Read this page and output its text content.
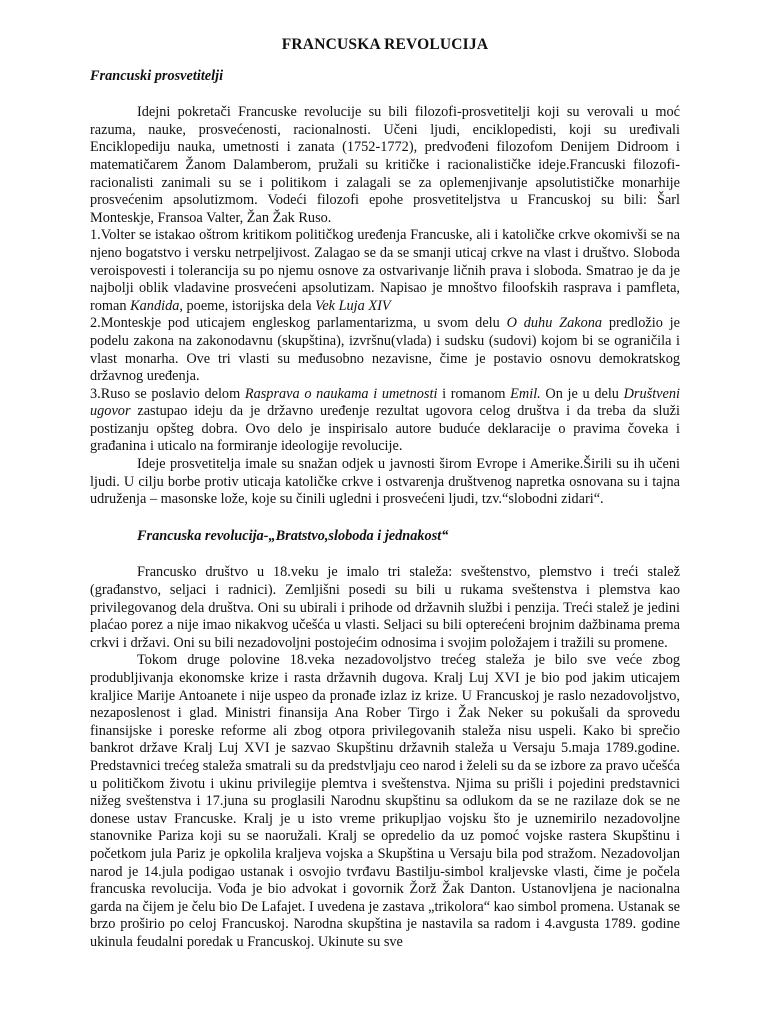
FRANCUSKA REVOLUCIJA
Francuski prosvetitelji

Idejni pokretači Francuske revolucije su bili filozofi-prosvetitelji koji su verovali u moć razuma, nauke, prosvećenosti, racionalnosti. Učeni ljudi, enciklopedisti, koji su uređivali Enciklopediju nauka, umetnosti i zanata (1752-1772), predvođeni filozofom Denijem Didroom i matematičarem Žanom Dalamberom, pružali su kritičke i racionalističke ideje.Francuski filozofi-racionalisti zanimali su se i politikom i zalagali se za oplemenjivanje apsolutističke monarhije prosvećenim apsolutizmom. Vodeći filozofi epohe prosvetiteljstva u Francuskoj su bili: Šarl Monteskje, Fransoa Valter, Žan Žak Ruso.

1.Volter se istakao oštrom kritikom političkog uređenja Francuske, ali i katoličke crkve okomivši se na njeno bogatstvo i versku netrpeljivost. Zalagao se da se smanji uticaj crkve na vlast i društvo. Sloboda veroispovesti i tolerancija su po njemu osnove za ostvarivanje ličnih prava i sloboda. Smatrao je da je najbolji oblik vladavine prosvećeni apsolutizam. Napisao je mnoštvo filoofskih rasprava i pamfleta, roman Kandida, poeme, istorijska dela Vek Luja XIV

2.Monteskje pod uticajem engleskog parlamentarizma, u svom delu O duhu Zakona predložio je podelu zakona na zakonodavnu (skupština), izvršnu(vlada) i sudsku (sudovi) kojom bi se ograničila i vlast monarha. Ove tri vlasti su međusobno nezavisne, čime je postavio osnovu demokratskog državnog uređenja.

3.Ruso se poslavio delom Rasprava o naukama i umetnosti i romanom Emil. On je u delu Društveni ugovor zastupao ideju da je državno uređenje rezultat ugovora celog društva i da treba da služi postizanju opšteg dobra. Ovo delo je inspirisalo autore buduće deklaracije o pravima čoveka i građanina i uticalo na formiranje ideologije revolucije.

Ideje prosvetitelja imale su snažan odjek u javnosti širom Evrope i Amerike.Širili su ih učeni ljudi. U cilju borbe protiv uticaja katoličke crkve i ostvarenja društvenog napretka osnovana su i tajna udruženja – masonske lože, koje su činili ugledni i prosvećeni ljudi, tzv.“slobodni zidari“.

Francuska revolucija-„Bratstvo,sloboda i jednakost“

Francusko društvo u 18.veku je imalo tri staleža: sveštenstvo, plemstvo i treći stalež (građanstvo, seljaci i radnici). Zemljišni posedi su bili u rukama sveštenstva i plemstva kao privilegovanog dela društva. Oni su ubirali i prihode od državnih službi i penzija. Treći stalež je jedini plaćao porez a nije imao nikakvog učešća u vlasti. Seljaci su bili opterećeni brojnim dažbinama prema crkvi i državi. Oni su bili nezadovoljni postojećim odnosima i svojim položajem i tražili su promene.

Tokom druge polovine 18.veka nezadovoljstvo trećeg staleža je bilo sve veće zbog produbljivanja ekonomske krize i rasta državnih dugova. Kralj Luj XVI je bio pod jakim uticajem kraljice Marije Antoanete i nije uspeo da pronađe izlaz iz krize. U Francuskoj je raslo nezadovoljstvo, nezaposlenost i glad. Ministri finansija Ana Rober Tirgo i Žak Neker su pokušali da sprovedu finansijske i poreske reforme ali zbog otpora privilegovanih staleža nisu uspeli. Kako bi sprečio bankrot države Kralj Luj XVI je sazvao Skupštinu državnih staleža u Versaju 5.maja 1789.godine. Predstavnici trećeg staleža smatrali su da predstvljaju ceo narod i želeli su da se izbore za pravo učešća u političkom životu i ukinu privilegije plemtva i sveštenstva. Njima su prišli i pojedini predstavnici nižeg sveštenstva i 17.juna su proglasili Narodnu skupštinu sa odlukom da se ne razilaze dok se ne donese ustav Francuske. Kralj je u isto vreme prikupljao vojsku što je uznemirilo nezadovoljne stanovnike Pariza koji su se naoružali. Kralj se opredelio da uz pomoć vojske rastera Skupštinu i početkom jula Pariz je opkolila kraljeva vojska a Skupština u Versaju bila pod stražom. Nezadovoljan narod je 14.jula podigao ustanak i osvojio tvrđavu Bastilju-simbol kraljevske vlasti, čime je počela francuska revolucija. Vođa je bio advokat i govornik Žorž Žak Danton. Ustanovljena je nacionalna garda na čijem je čelu bio De Lafajet. I uvedena je zastava „trikolora“ kao simbol promena. Ustanak se brzo proširio po celoj Francuskoj. Narodna skupština je nastavila sa radom i 4.avgusta 1789. godine ukinula feudalni poredak u Francuskoj. Ukinute su sve
